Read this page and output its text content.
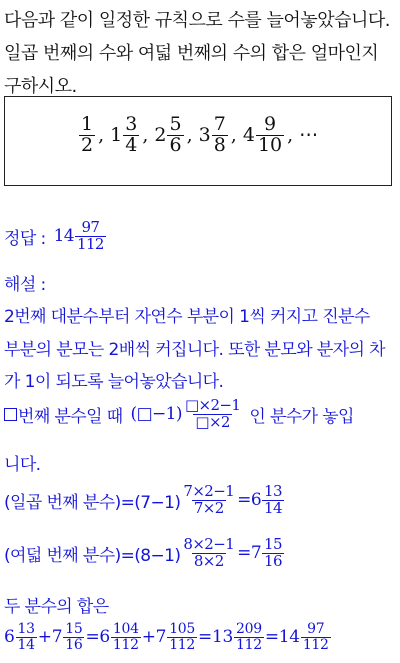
다음과 같이 일정한 규칙으로 수를 늘어놓았습니다.
일곱 번째의 수와 여덟 번째의 수의 합은 얼마인지
구하시오.
$\frac{1}{2}$ , $1 \frac{3}{4}$ , $2 \frac{5}{6}$ , $3 \frac{7}{8}$ , $4 \frac{9}{10}$ , ⋯
정답 : $14 \frac{97}{112}$
해설 :
2번째 대분수부터 자연수 부분이 1씩 커지고 진분수
부분의 분모는 2배씩 커집니다. 또한 분모와 분자의 차
가 1이 되도록 늘어놓았습니다.
번째 분수일 때 (□−1) $\frac{□\times 2-1}{□\times 2}$ 인 분수가 놓입
니다.
(일곱 번째 분수)$=(7-1) \frac{7\times 2-1}{7\times 2} =6 \frac{13}{14}$
(여덟 번째 분수)$=(8-1) \frac{8\times 2-1}{8\times 2} =7 \frac{15}{16}$
두 분수의 합은
$6 \frac{13}{14} +7 \frac{15}{16} =6 \frac{104}{112} +7 \frac{105}{112} =13 \frac{209}{112} =14 \frac{97}{112}$
